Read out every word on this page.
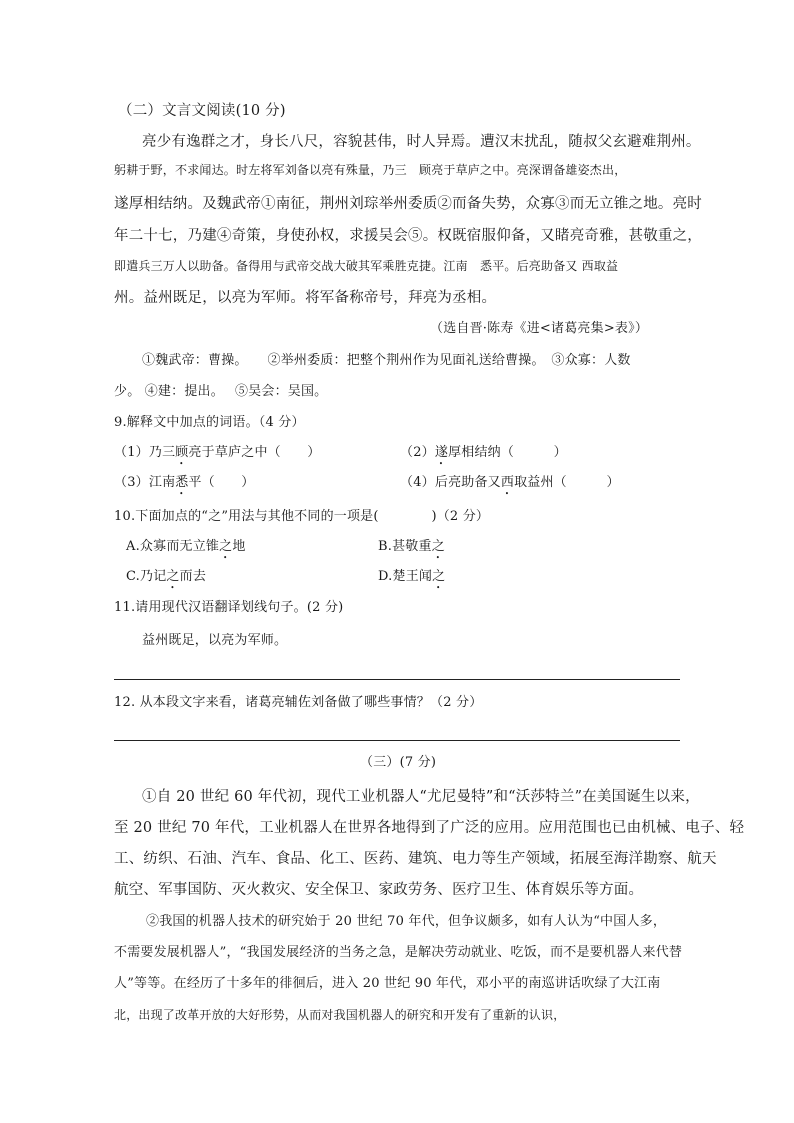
（二）文言文阅读(10 分)
亮少有逸群之才，身长八尺，容貌甚伟，时人异焉。遭汉末扰乱，随叔父玄避难荆州。
躬耕于野，不求闻达。时左将军刘备以亮有殊量，乃三　顾亮于草庐之中。亮深谓备雄姿杰出，
遂厚相结纳。及魏武帝①南征，荆州刘琮举州委质②而备失势，众寡③而无立锥之地。亮时
年二十七，乃建④奇策，身使孙权，求援吴会⑤。权既宿服仰备，又睹亮奇雅，甚敬重之，
即遣兵三万人以助备。备得用与武帝交战大破其军乘胜克捷。江南　悉平。后亮助备又 西取益
州。益州既足，以亮为军师。将军备称帝号，拜亮为丞相。
（选自晋·陈寿《进<诸葛亮集>表》）
①魏武帝：曹操。　　②举州委质：把整个荆州作为见面礼送给曹操。　③众寡：人数
少。 ④建：提出。　 ⑤吴会：吴国。
9.解释文中加点的词语。（4 分）
（1）乃三顾亮于草庐之中（　　）	（2）遂厚相结纳（　　　）
（3）江南悉平（　　）	（4）后亮助备又西取益州（　　　）
10.下面加点的“之”用法与其他不同的一项是(　　　　)（2 分）
A.众寡而无立锥之地	B.甚敬重之
C.乃记之而去	D.楚王闻之
11.请用现代汉语翻译划线句子。(2 分)
益州既足，以亮为军师。
12. 从本段文字来看，诸葛亮辅佐刘备做了哪些事情？（2 分）
（三）(7 分)
①自 20 世纪 60 年代初，现代工业机器人“尤尼曼特”和“沃莎特兰”在美国诞生以来，
至 20 世纪 70 年代，工业机器人在世界各地得到了广泛的应用。应用范围也已由机械、电子、轻
工、纺织、石油、汽车、食品、化工、医药、建筑、电力等生产领域，拓展至海洋勘察、航天
航空、军事国防、灭火救灾、安全保卫、家政劳务、医疗卫生、体育娱乐等方面。
②我国的机器人技术的研究始于 20 世纪 70 年代，但争议颇多，如有人认为“中国人多，
不需要发展机器人”，“我国发展经济的当务之急，是解决劳动就业、吃饭，而不是要机器人来代替
人”等等。在经历了十多年的徘徊后，进入 20 世纪 90 年代，邓小平的南巡讲话吹绿了大江南
北，出现了改革开放的大好形势，从而对我国机器人的研究和开发有了重新的认识，
